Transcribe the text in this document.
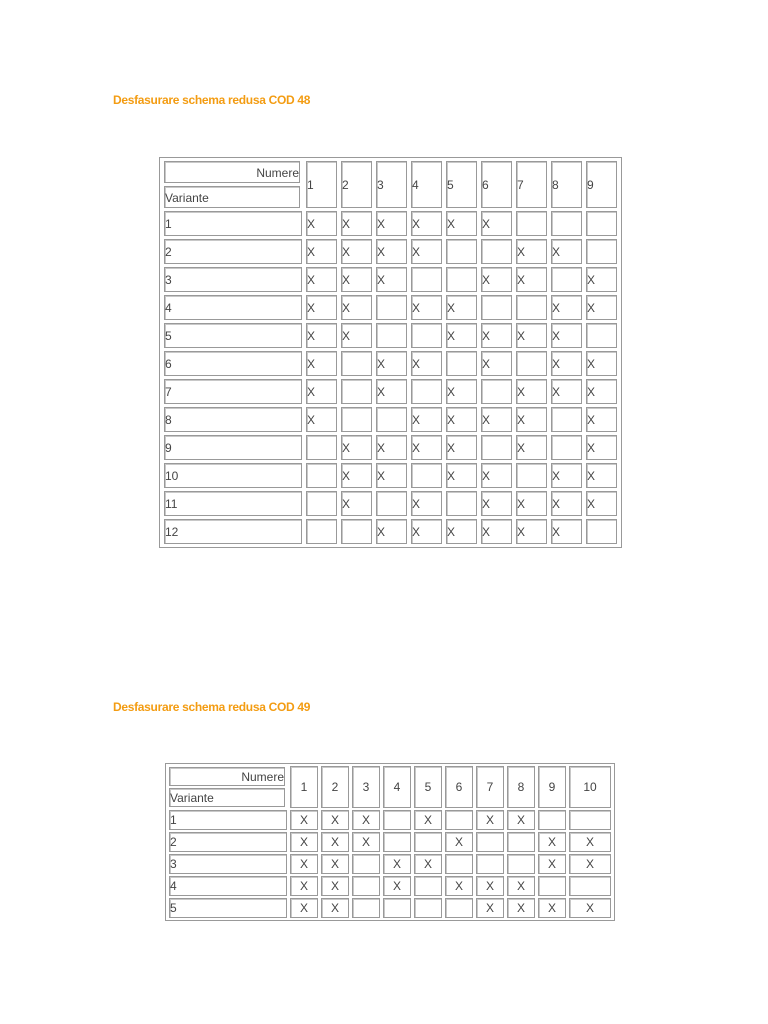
Desfasurare schema redusa COD 48
Numere
Variante	1	2	3	4	5	6	7	8	9
1	X	X	X	X	X	X			
2	X	X	X	X			X	X	
3	X	X	X			X	X		X
4	X	X		X	X			X	X
5	X	X			X	X	X	X	
6	X		X	X		X		X	X
7	X		X		X		X	X	X
8	X			X	X	X	X		X
9		X	X	X	X		X		X
10		X	X		X	X		X	X
11		X		X		X	X	X	X
12			X	X	X	X	X	X	
Desfasurare schema redusa COD 49
Numere
Variante	1	2	3	4	5	6	7	8	9	10
1	X	X	X		X		X	X		
2	X	X	X			X			X	X
3	X	X		X	X				X	X
4	X	X		X		X	X	X		
5	X	X					X	X	X	X
